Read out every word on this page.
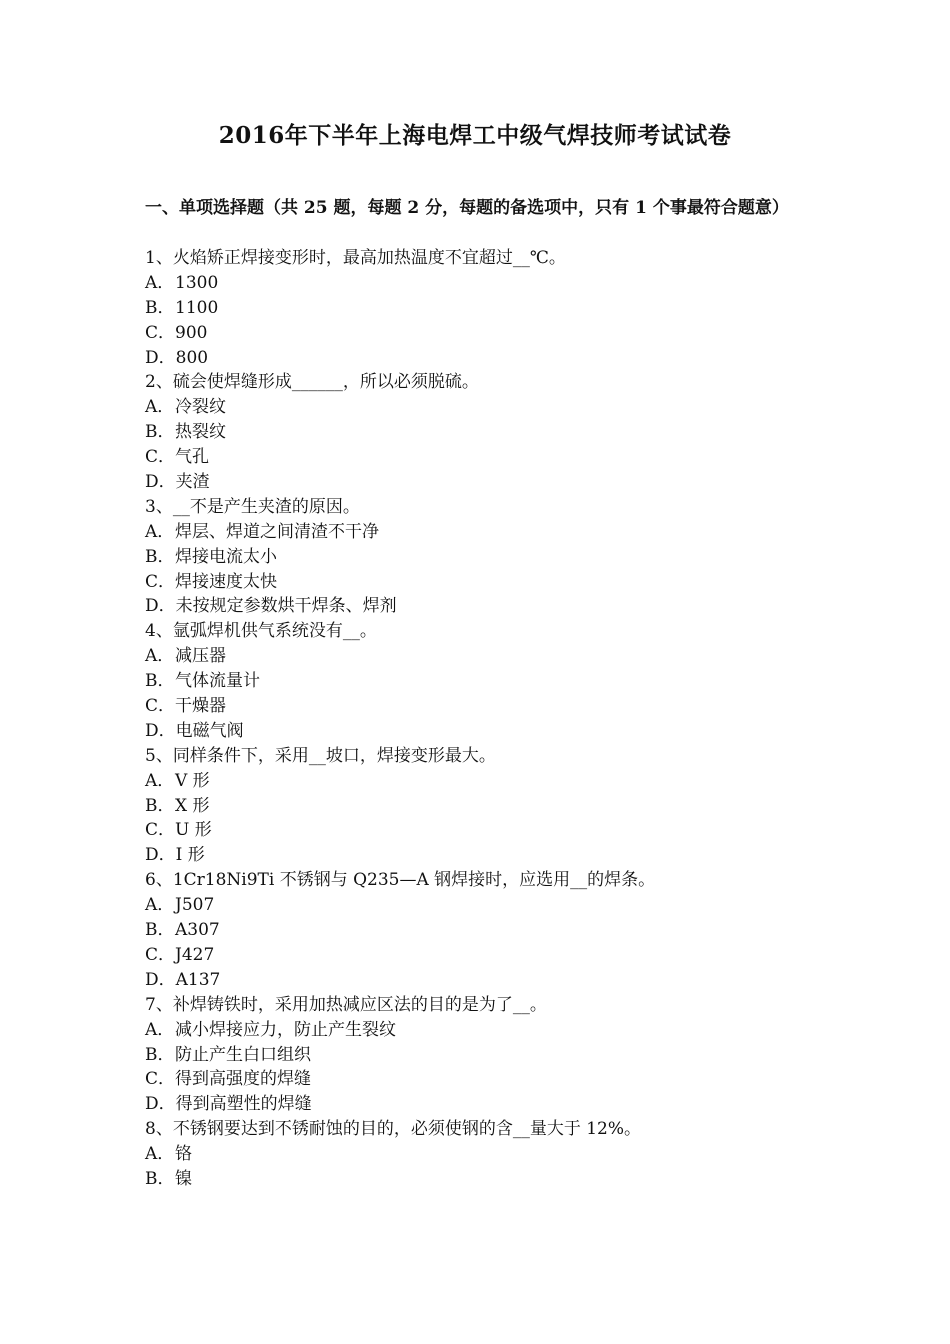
2016年下半年上海电焊工中级气焊技师考试试卷
一、单项选择题（共 25 题，每题 2 分，每题的备选项中，只有 1 个事最符合题意）
1、火焰矫正焊接变形时，最高加热温度不宜超过__℃。
A．1300
B．1100
C．900
D．800
2、硫会使焊缝形成______，所以必须脱硫。
A．冷裂纹
B．热裂纹
C．气孔
D．夹渣
3、__不是产生夹渣的原因。
A．焊层、焊道之间清渣不干净
B．焊接电流太小
C．焊接速度太快
D．未按规定参数烘干焊条、焊剂
4、氩弧焊机供气系统没有__。
A．减压器
B．气体流量计
C．干燥器
D．电磁气阀
5、同样条件下，采用__坡口，焊接变形最大。
A．V 形
B．X 形
C．U 形
D．I 形
6、1Cr18Ni9Ti 不锈钢与 Q235—A 钢焊接时，应选用__的焊条。
A．J507
B．A307
C．J427
D．A137
7、补焊铸铁时，采用加热减应区法的目的是为了__。
A．减小焊接应力，防止产生裂纹
B．防止产生白口组织
C．得到高强度的焊缝
D．得到高塑性的焊缝
8、不锈钢要达到不锈耐蚀的目的，必须使钢的含__量大于 12%。
A．铬
B．镍
